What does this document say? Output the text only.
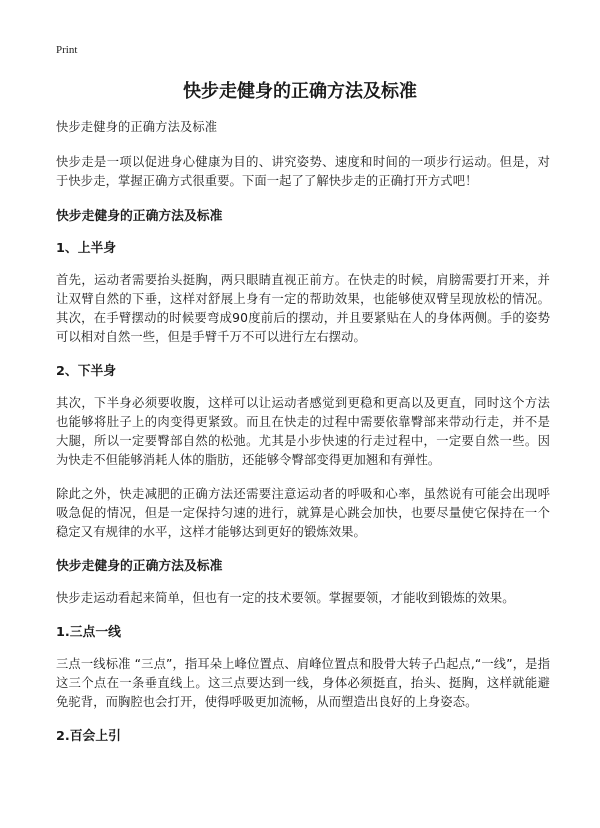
Print
快步走健身的正确方法及标准

快步走健身的正确方法及标准

快步走是一项以促进身心健康为目的、讲究姿势、速度和时间的一项步行运动。但是，对于快步走，掌握正确方式很重要。下面一起了了解快步走的正确打开方式吧！

快步走健身的正确方法及标准
1、上半身

首先，运动者需要抬头挺胸，两只眼睛直视正前方。在快走的时候，肩膀需要打开来，并让双臂自然的下垂，这样对舒展上身有一定的帮助效果，也能够使双臂呈现放松的情况。其次，在手臂摆动的时候要弯成90度前后的摆动，并且要紧贴在人的身体两侧。手的姿势可以相对自然一些，但是手臂千万不可以进行左右摆动。

2、下半身

其次，下半身必须要收腹，这样可以让运动者感觉到更稳和更高以及更直，同时这个方法也能够将肚子上的肉变得更紧致。而且在快走的过程中需要依靠臀部来带动行走，并不是大腿，所以一定要臀部自然的松弛。尤其是小步快速的行走过程中，一定要自然一些。因为快走不但能够消耗人体的脂肪，还能够令臀部变得更加翘和有弹性。

除此之外，快走减肥的正确方法还需要注意运动者的呼吸和心率，虽然说有可能会出现呼吸急促的情况，但是一定保持匀速的进行，就算是心跳会加快，也要尽量使它保持在一个稳定又有规律的水平，这样才能够达到更好的锻炼效果。

快步走健身的正确方法及标准

快步走运动看起来简单，但也有一定的技术要领。掌握要领，才能收到锻炼的效果。

1.三点一线

三点一线标准 “三点”，指耳朵上峰位置点、肩峰位置点和股骨大转子凸起点,“一线”，是指这三个点在一条垂直线上。这三点要达到一线，身体必须挺直，抬头、挺胸，这样就能避免驼背，而胸腔也会打开，使得呼吸更加流畅，从而塑造出良好的上身姿态。

2.百会上引
